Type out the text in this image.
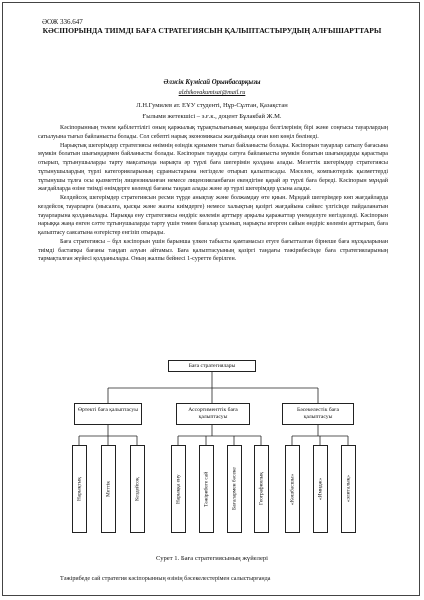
ӘОЖ 336.647
КӘСІПОРЫНДА ТИІМДІ БАҒА СТРАТЕГИЯСЫН ҚАЛЫПТАСТЫРУДЫҢ АЛҒЫШАРТТАРЫ
Әлжік Күмісай Орынбасарқызы
alzhikovakumisai@mail.ru
Л.Н.Гумилев ат. ЕҰУ студенті, Нұр-Сұлтан, Қазақстан
Ғылыми жетекшісі – э.ғ.к., доцент Бұлакбай Ж.М.

Кәсіпорынның төлем қабілеттілігі оның қаржылық тұрақтылығының маңызды белгілерінің бірі және соңғысы тауарлардың сатылуына тығыз байланысты болады. Сол себепті нарық экономикасы жағдайында оған көп көңіл бөлінеді.

Нарықтық шегерімдер стратегиясы өнімнің өзіндік құнымен тығыз байланысты болады. Кәсіпорын тауарлар сатылу бағасына мүмкін болатын шығындармен байланысты болады. Кәсіпорын тауарды сатуға байланысты мүмкін болатын шығындарды қарастыра отырып, тұтынушыларды тарту мақсатында нарықта әр түрлі баға шегерімін қолдана алады. Мезеттік шегерімдер стратегиясы тұтынушылардың түрлі категорияларының сұраныстарына негізделе отырып қалыптасады. Мәселен, компьютерлік қызметтерді тұтынушы тұлға осы қызметтің лицензияланған немесе лицензияланбаған екендігіне қарай әр түрлі баға береді. Кәсіпорын мұндай жағдайларда өзіне тиімді өнімдерге көлемді бағаны таңдап алады және әр түрлі шегерімдер ұсына алады.

Келдейсоқ шегерімдер стратегиясын ресми түрде анықтау және болжамдау өте қиын. Мұндай шегерімдер көп жағдайларда кездейсоқ тауарларға (мысалға, қысқы және жазғы киімдерге) немесе халықтың қазіргі жағдайына сәйкес үлгісінде пайдаланатын тауарларына қолданылады. Нарыққа ену стратегиясы өндіріс көлемін арттыру арқылы қаражаттар үнемделуге негізделеді. Кәсіпорын нарыққа жаңа енген сәтте тұтынушыларды тарту үшін төмен бағалар ұсынып, нарықты игерген сайын өндіріс көлемін арттырып, баға қалыптасу саясатына өзгерістер енгізіп отырады.

Баға стратегиясы – бұл кәсіпорын үшін барынша үлкен табысты қамтамасыз етуге бағытталған бірнеше баға нұсқаларынан тиімді бастапқы бағаны таңдап алуын айтамыз. Баға қалыптасуының қазіргі таңдағы тәжірибесінде баға стратегияларының тармақталған жүйесі қолданылады. Оның жалпы бейнесі 1-суретте берілген.

Баға стратегиялары
Өртекті баға қалыптасуы	Ассортименттік баға қалыптасуы
Бәсекелестік баға қалыптасуы
Нарықтық	Меттік	Кездейсоқ	Нарыққа ену	Тәжірибеге сай	Бағалармен бәсеке	Географиялық	«Көшбасшы»	«Имидж»	«элиталық»
Сурет 1. Баға стратегиясының жүйелері
Тәжірибеде сай стратегия кәсіпорынның өзінің бәсекелестерімен салыстырғанда
